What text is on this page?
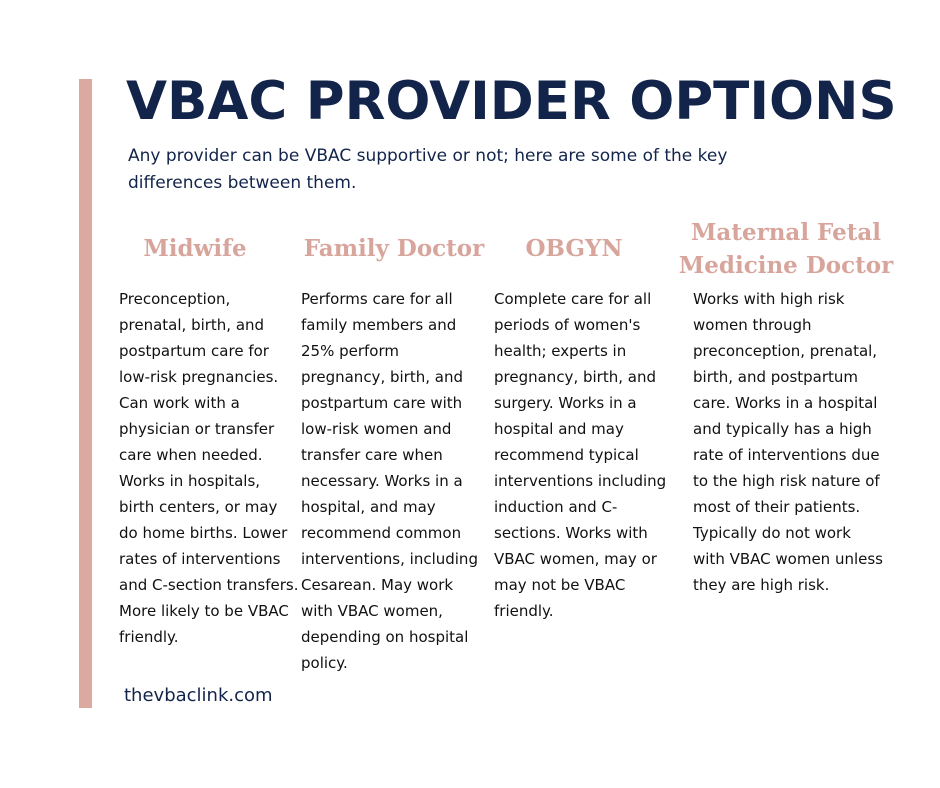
VBAC PROVIDER OPTIONS

Any provider can be VBAC supportive or not; here are some of the key differences between them.

Midwife	Family Doctor	OBGYN
Maternal Fetal Medicine Doctor

Preconception, prenatal, birth, and postpartum care for low-risk pregnancies. Can work with a physician or transfer care when needed. Works in hospitals, birth centers, or may do home births. Lower rates of interventions and C-section transfers. More likely to be VBAC friendly.

Performs care for all family members and 25% perform pregnancy, birth, and postpartum care with low-risk women and transfer care when necessary. Works in a hospital, and may recommend common interventions, including Cesarean. May work with VBAC women, depending on hospital policy.

Complete care for all periods of women's health; experts in pregnancy, birth, and surgery. Works in a hospital and may recommend typical interventions including induction and C-sections. Works with VBAC women, may or may not be VBAC friendly.

Works with high risk women through preconception, prenatal, birth, and postpartum care. Works in a hospital and typically has a high rate of interventions due to the high risk nature of most of their patients. Typically do not work with VBAC women unless they are high risk.

thevbaclink.com
